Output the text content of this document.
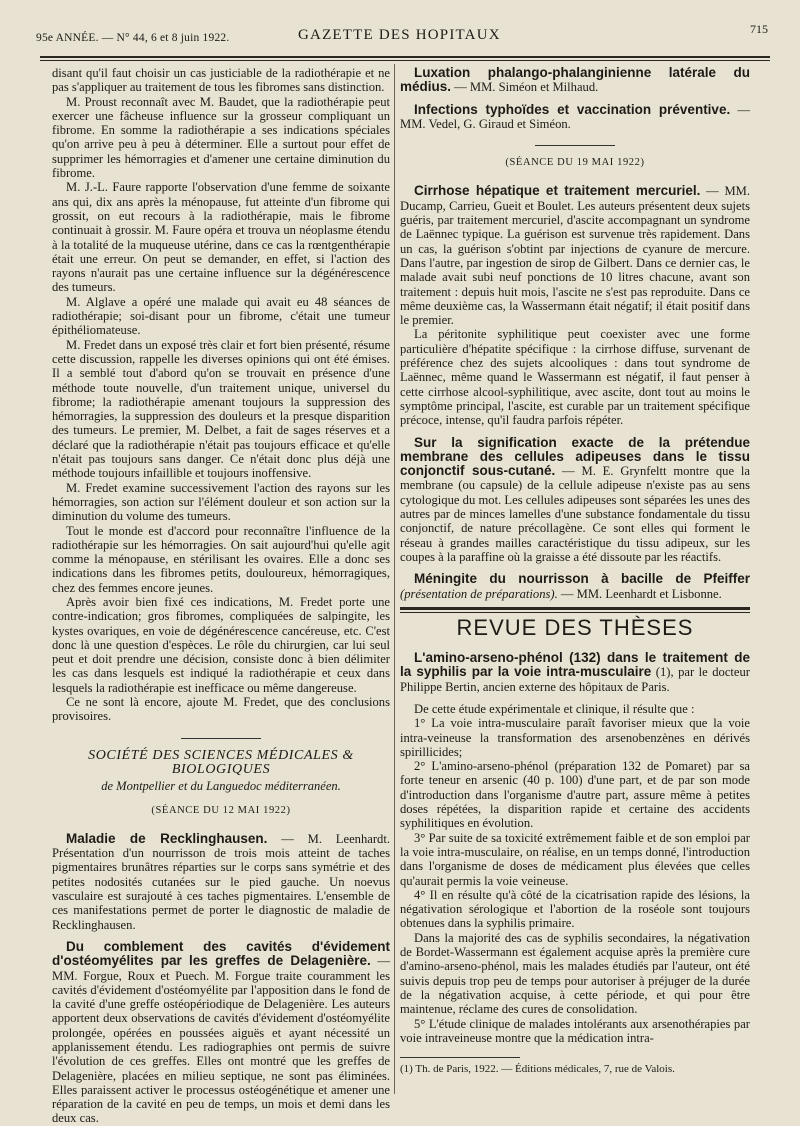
95e ANNÉE. — N° 44, 6 et 8 juin 1922.	GAZETTE DES HOPITAUX	715

disant qu'il faut choisir un cas justiciable de la radiothérapie et ne pas s'appliquer au traitement de tous les fibromes sans distinction.

M. Proust reconnaît avec M. Baudet, que la radiothérapie peut exercer une fâcheuse influence sur la grosseur compliquant un fibrome. En somme la radiothérapie a ses indications spéciales qu'on arrive peu à peu à déterminer. Elle a surtout pour effet de supprimer les hémorragies et d'amener une certaine diminution du fibrome.

M. J.-L. Faure rapporte l'observation d'une femme de soixante ans qui, dix ans après la ménopause, fut atteinte d'un fibrome qui grossit, on eut recours à la radiothérapie, mais le fibrome continuait à grossir. M. Faure opéra et trouva un néoplasme étendu à la totalité de la muqueuse utérine, dans ce cas la rœntgenthérapie était une erreur. On peut se demander, en effet, si l'action des rayons n'aurait pas une certaine influence sur la dégénérescence des tumeurs.

M. Alglave a opéré une malade qui avait eu 48 séances de radiothérapie; soi-disant pour un fibrome, c'était une tumeur épithéliomateuse.

M. Fredet dans un exposé très clair et fort bien présenté, résume cette discussion, rappelle les diverses opinions qui ont été émises. Il a semblé tout d'abord qu'on se trouvait en présence d'une méthode toute nouvelle, d'un traitement unique, universel du fibrome; la radiothérapie amenant toujours la suppression des hémorragies, la suppression des douleurs et la presque disparition des tumeurs. Le premier, M. Delbet, a fait de sages réserves et a déclaré que la radiothérapie n'était pas toujours efficace et qu'elle n'était pas toujours sans danger. Ce n'était donc plus déjà une méthode toujours infaillible et toujours inoffensive.

M. Fredet examine successivement l'action des rayons sur les hémorragies, son action sur l'élément douleur et son action sur la diminution du volume des tumeurs.

Tout le monde est d'accord pour reconnaître l'influence de la radiothérapie sur les hémorragies. On sait aujourd'hui qu'elle agit comme la ménopause, en stérilisant les ovaires. Elle a donc ses indications dans les fibromes petits, douloureux, hémorragiques, chez des femmes encore jeunes.

Après avoir bien fixé ces indications, M. Fredet porte une contre-indication; gros fibromes, compliquées de salpingite, les kystes ovariques, en voie de dégénérescence cancéreuse, etc. C'est donc là une question d'espèces. Le rôle du chirurgien, car lui seul peut et doit prendre une décision, consiste donc à bien délimiter les cas dans lesquels est indiqué la radiothérapie et ceux dans lesquels la radiothérapie est inefficace ou même dangereuse.

Ce ne sont là encore, ajoute M. Fredet, que des conclusions provisoires.

SOCIÉTÉ DES SCIENCES MÉDICALES & BIOLOGIQUES
de Montpellier et du Languedoc méditerranéen.
(SÉANCE DU 12 MAI 1922)

Maladie de Recklinghausen. — M. Leenhardt. Présentation d'un nourrisson de trois mois atteint de taches pigmentaires brunâtres réparties sur le corps sans symétrie et des petites nodosités cutanées sur le pied gauche. Un noevus vasculaire est surajouté à ces taches pigmentaires. L'ensemble de ces manifestations permet de porter le diagnostic de maladie de Recklinghausen.

Du comblement des cavités d'évidement d'ostéomyélites par les greffes de Delagenière. — MM. Forgue, Roux et Puech. M. Forgue traite couramment les cavités d'évidement d'ostéomyélite par l'apposition dans le fond de la cavité d'une greffe ostéopériodique de Delagenière. Les auteurs apportent deux observations de cavités d'évidement d'ostéomyélite prolongée, opérées en poussées aiguës et ayant nécessité un applanissement étendu. Les radiographies ont permis de suivre l'évolution de ces greffes. Elles ont montré que les greffes de Delagenière, placées en milieu septique, ne sont pas éliminées. Elles paraissent activer le processus ostéogénétique et amener une réparation de la cavité en peu de temps, un mois et demi dans les deux cas.

Luxation phalango-phalanginienne latérale du médius. — MM. Siméon et Milhaud.

Infections typhoïdes et vaccination préventive. — MM. Vedel, G. Giraud et Siméon.

(SÉANCE DU 19 MAI 1922)

Cirrhose hépatique et traitement mercuriel. — MM. Ducamp, Carrieu, Gueit et Boulet. Les auteurs présentent deux sujets guéris, par traitement mercuriel, d'ascite accompagnant un syndrome de Laënnec typique. La guérison est survenue très rapidement. Dans un cas, la guérison s'obtint par injections de cyanure de mercure. Dans l'autre, par ingestion de sirop de Gilbert. Dans ce dernier cas, le malade avait subi neuf ponctions de 10 litres chacune, avant son traitement : depuis huit mois, l'ascite ne s'est pas reproduite. Dans ce même deuxième cas, la Wassermann était négatif; il était positif dans le premier.

La péritonite syphilitique peut coexister avec une forme particulière d'hépatite spécifique : la cirrhose diffuse, survenant de préférence chez des sujets alcooliques : dans tout syndrome de Laënnec, même quand le Wassermann est négatif, il faut penser à cette cirrhose alcool-syphilitique, avec ascite, dont tout au moins le symptôme principal, l'ascite, est curable par un traitement spécifique précoce, intense, qu'il faudra parfois répéter.

Sur la signification exacte de la prétendue membrane des cellules adipeuses dans le tissu conjonctif sous-cutané. — M. E. Grynfeltt montre que la membrane (ou capsule) de la cellule adipeuse n'existe pas au sens cytologique du mot. Les cellules adipeuses sont séparées les unes des autres par de minces lamelles d'une substance fondamentale du tissu conjonctif, de nature précollagène. Ce sont elles qui forment le réseau à grandes mailles caractéristique du tissu adipeux, sur les coupes à la paraffine où la graisse a été dissoute par les réactifs.

Méningite du nourrisson à bacille de Pfeiffer (présentation de préparations). — MM. Leenhardt et Lisbonne.

REVUE DES THÈSES

L'amino-arseno-phénol (132) dans le traitement de la syphilis par la voie intra-musculaire (1), par le docteur Philippe Bertin, ancien externe des hôpitaux de Paris.

De cette étude expérimentale et clinique, il résulte que :

1° La voie intra-musculaire paraît favoriser mieux que la voie intra-veineuse la transformation des arsenobenzènes en dérivés spirillicides;

2° L'amino-arseno-phénol (préparation 132 de Pomaret) par sa forte teneur en arsenic (40 p. 100) d'une part, et de par son mode d'introduction dans l'organisme d'autre part, assure même à petites doses répétées, la disparition rapide et certaine des accidents syphilitiques en évolution.

3° Par suite de sa toxicité extrêmement faible et de son emploi par la voie intra-musculaire, on réalise, en un temps donné, l'introduction dans l'organisme de doses de médicament plus élevées que celles qu'aurait permis la voie veineuse.

4° Il en résulte qu'à côté de la cicatrisation rapide des lésions, la négativation sérologique et l'abortion de la roséole sont toujours obtenues dans la syphilis primaire.

Dans la majorité des cas de syphilis secondaires, la négativation de Bordet-Wassermann est également acquise après la première cure d'amino-arseno-phénol, mais les malades étudiés par l'auteur, ont été suivis depuis trop peu de temps pour autoriser à préjuger de la durée de la négativation acquise, à cette période, et qui pour être maintenue, réclame des cures de consolidation.

5° L'étude clinique de malades intolérants aux arsenothérapies par voie intraveineuse montre que la médication intra-

(1) Th. de Paris, 1922. — Éditions médicales, 7, rue de Valois.
